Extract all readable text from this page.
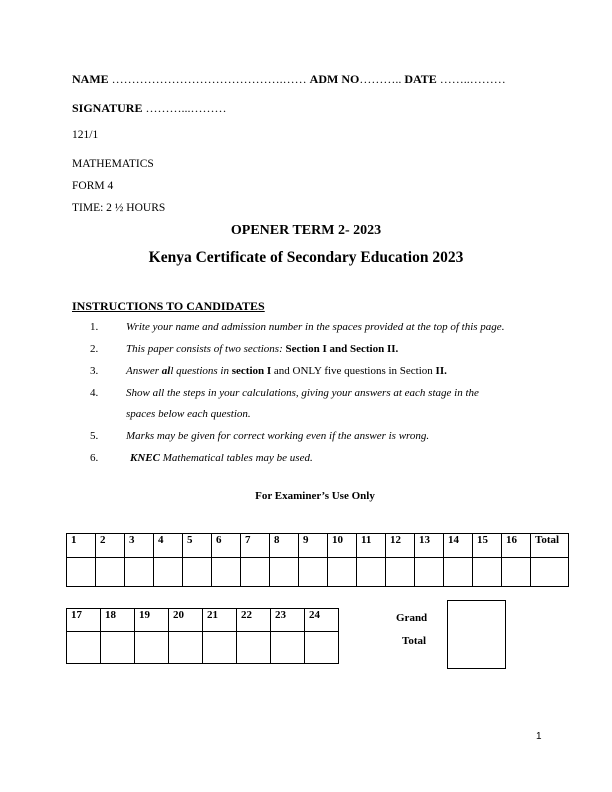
NAME …………………………………….…… ADM NO……….. DATE ……..………
SIGNATURE ………...………
121/1
MATHEMATICS
FORM 4
TIME: 2 ½ HOURS
OPENER TERM 2- 2023
Kenya Certificate of Secondary Education 2023
INSTRUCTIONS TO CANDIDATES
1.	Write your name and admission number in the spaces provided at the top of this page.
2.	This paper consists of two sections: Section I and Section II.
3.	Answer all questions in section I and ONLY five questions in Section II.
4.	Show all the steps in your calculations, giving your answers at each stage in the
spaces below each question.
5.	Marks may be given for correct working even if the answer is wrong.
6.	KNEC Mathematical tables may be used.
For Examiner’s Use Only
1	2	3	4	5	6	7	8	9	10	11	12	13	14	15	16	Total

17	18	19	20	21	22	23	24
								Grand
Total
1
